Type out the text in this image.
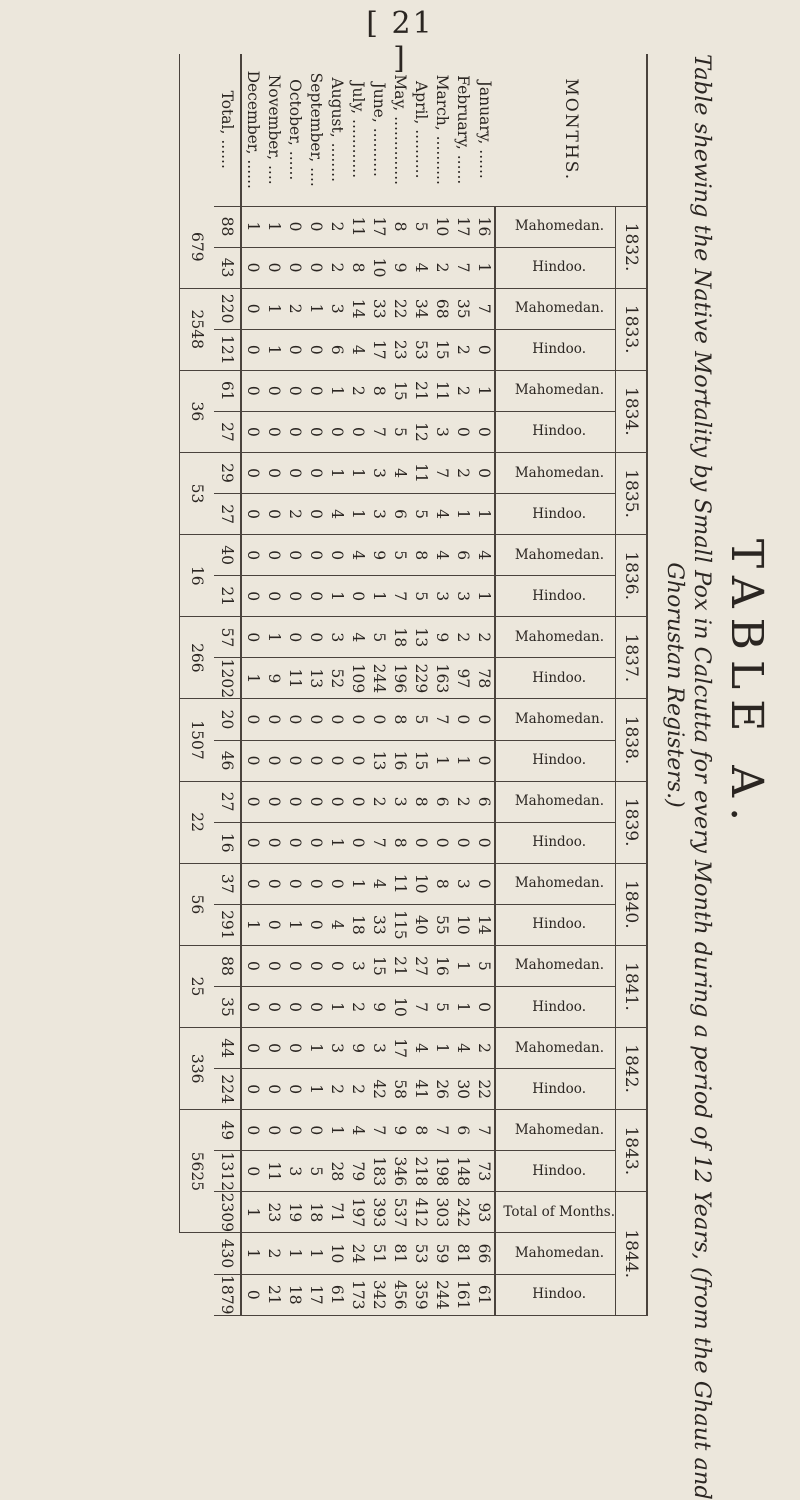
[ 21 ]
TABLE A.
Table shewing the Native Mortality by Small Pox in Calcutta for every Month during a period of 12 Years, (from the Ghaut and
Ghorustan Registers.)
MONTHS.	1832.		1833.		1834.		1835.		1836.		1837.		1838.		1839.		1840.		1841.		1842.		1843.		1844.		
	Mahomedan.	Hindoo.	Mahomedan.	Hindoo.	Mahomedan.	Hindoo.	Mahomedan.	Hindoo.	Mahomedan.	Hindoo.	Mahomedan.	Hindoo.	Mahomedan.	Hindoo.	Mahomedan.	Hindoo.	Mahomedan.	Hindoo.	Mahomedan.	Hindoo.	Mahomedan.	Hindoo.	Mahomedan.	Hindoo.	Total of Months.	Mahomedan.	Hindoo.
January, ......	16	1	7	0	1	0	0	1	4	1	2	78	0	0	6	0	0	14	5	0	2	22	7	73	93	66	61
February, ......	17	7	35	2	2	0	2	1	6	3	2	97	0	1	2	0	3	10	1	1	4	30	6	148	242	81	161
March, ..........	10	2	68	15	11	3	7	4	4	3	9	163	7	1	6	0	8	55	16	5	1	26	7	198	303	59	244
April, ..........	5	4	34	53	21	12	11	5	8	5	13	229	5	15	8	0	10	40	27	7	4	41	8	218	412	53	359
May, ..............	8	9	22	23	15	5	4	6	5	7	18	196	8	16	3	8	11	115	21	10	17	58	9	346	537	81	456
June, ..........	17	10	33	17	8	7	3	3	9	1	5	244	0	13	2	7	4	33	15	9	3	42	7	183	393	51	342
July, ............	11	8	14	4	2	0	1	1	4	0	4	109	0	0	0	0	1	18	3	2	9	2	4	79	197	24	173
August, ........	2	2	3	6	1	0	1	4	0	1	3	52	0	0	0	1	0	4	0	1	3	2	1	28	71	10	61
September, ....	0	0	1	0	0	0	0	0	0	0	0	13	0	0	0	0	0	0	0	0	1	1	0	5	18	1	17
October, ......	0	0	2	0	0	0	0	2	0	0	0	11	0	0	0	0	0	1	0	0	0	0	0	3	19	1	18
November, ....	1	0	1	1	0	0	0	0	0	0	1	9	0	0	0	0	0	0	0	0	0	0	0	11	23	2	21
December, ......	1	0	0	0	0	0	0	0	0	0	0	1	0	0	0	0	0	1	0	0	0	0	0	0	1	1	0
Total, ......	88	43	220	121	61	27	29	27	40	21	57	1202	20	46	27	16	37	291	88	35	44	224	49	1312	2309	430	1879
	679		2548		36		53		16		266		1507		22		56		25		336		5625				
